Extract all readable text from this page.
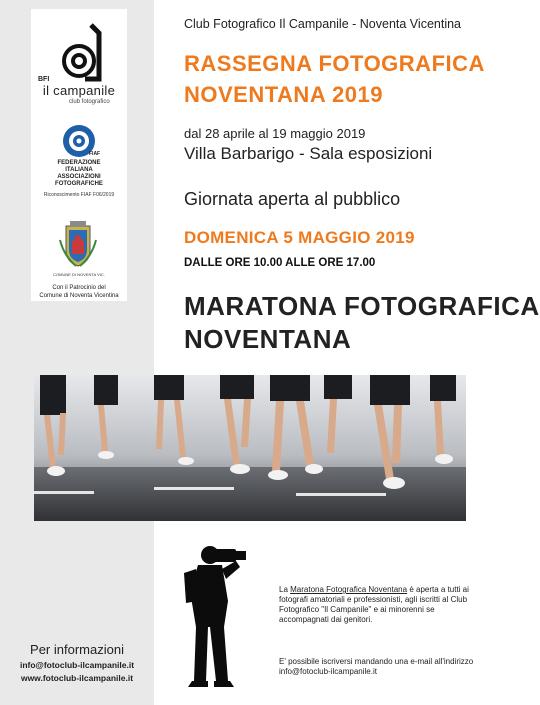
BFI
il campanile
club fotografico
FIAF
FEDERAZIONE
ITALIANA
ASSOCIAZIONI
FOTOGRAFICHE
Riconoscimento FIAF F06/2019
COMUNE DI NOVENTA VIC.
Con il Patrocinio del
Comune di Noventa Vicentina
Per informazioni
info@fotoclub-ilcampanile.it
www.fotoclub-ilcampanile.it
Club Fotografico Il Campanile - Noventa Vicentina
RASSEGNA FOTOGRAFICA
NOVENTANA 2019
dal 28 aprile al 19 maggio 2019
Villa Barbarigo - Sala esposizioni
Giornata aperta al pubblico
DOMENICA 5 MAGGIO 2019
DALLE ORE 10.00 ALLE ORE 17.00
MARATONA FOTOGRAFICA
NOVENTANA
La Maratona Fotografica Noventana è aperta a tutti ai fotografi amatoriali e professionisti, agli iscritti al Club Fotografico "Il Campanile" e ai minorenni se accompagnati dai genitori.
E' possibile iscriversi mandando una e-mail all'indirizzo info@fotoclub-ilcampanile.it
